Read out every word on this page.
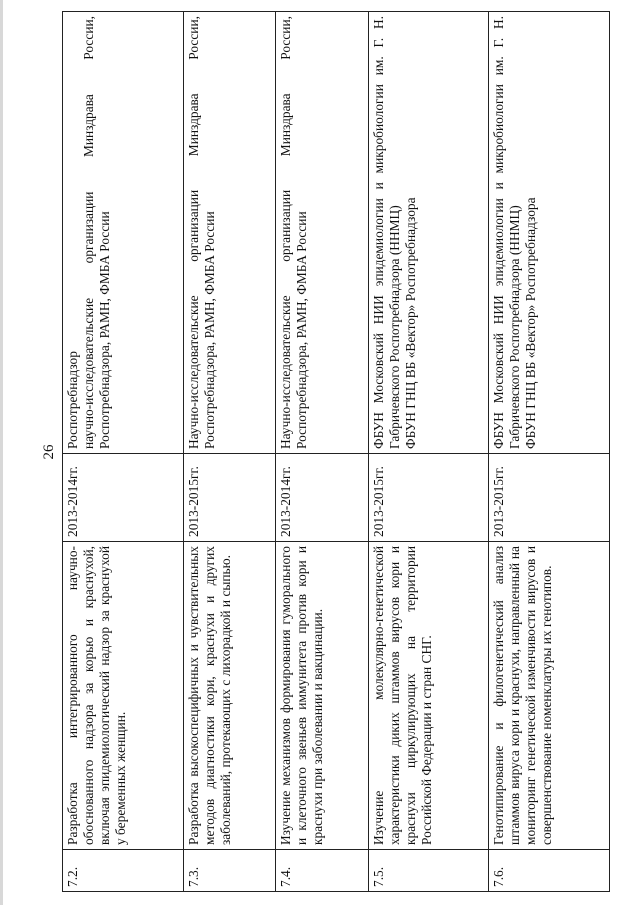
26
7.2.	Разработка интегрированного научно-обоснованного надзора за корью и краснухой, включая эпидемиологический надзор за краснухой у беременных женщин.	2013-2014гг.	Роспотребнадзор научно-исследовательские организации Минздрава России, Роспотребнадзора, РАМН, ФМБА России

7.3.	Разработка высокоспецифичных и чувствительных методов диагностики кори, краснухи и других заболеваний, протекающих с лихорадкой и сыпью.	2013-2015гг.	Научно-исследовательские организации Минздрава России, Роспотребнадзора, РАМН, ФМБА России

7.4.	Изучение механизмов формирования гуморального и клеточного звеньев иммунитета против кори и краснухи при заболевании и вакцинации.	2013-2014гг.	Научно-исследовательские организации Минздрава России, Роспотребнадзора, РАМН, ФМБА России

7.5.	Изучение молекулярно-генетической характеристики диких штаммов вирусов кори и краснухи циркулирующих на территории Российской Федерации и стран СНГ.	2013-2015гг.	ФБУН Московский НИИ эпидемиологии и микробиологии им. Г. Н. Габричевского Роспотребнадзора (ННМЦ) ФБУН ГНЦ ВБ «Вектор» Роспотребнадзора

7.6.	Генотипирование и филогенетический анализ штаммов вируса кори и краснухи, направленный на мониторинг генетической изменчивости вирусов и совершенствование номенклатуры их генотипов.	2013-2015гг.	ФБУН Московский НИИ эпидемиологии и микробиологии им. Г. Н. Габричевского Роспотребнадзора (ННМЦ) ФБУН ГНЦ ВБ «Вектор» Роспотребнадзора
